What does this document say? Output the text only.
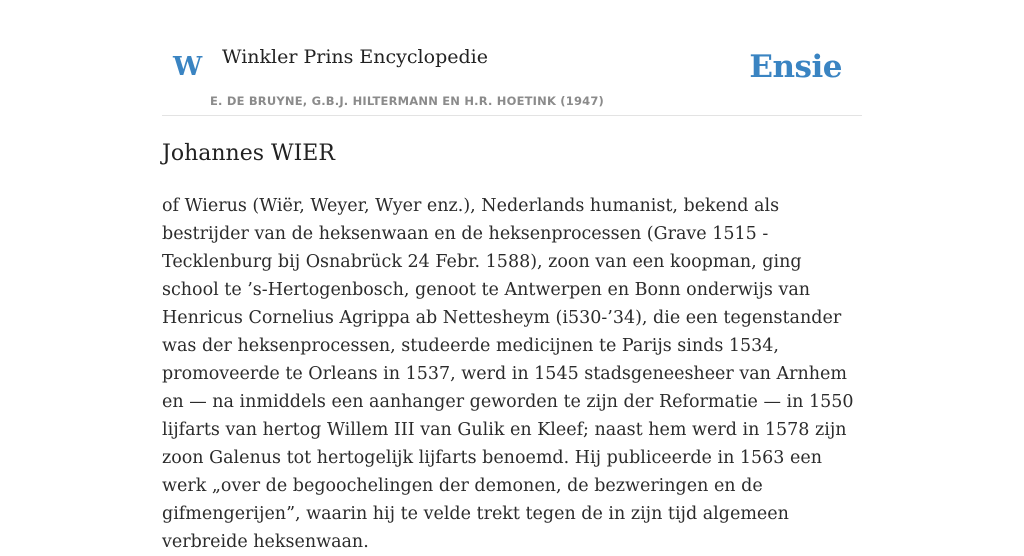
W Winkler Prins Encyclopedie
E. DE BRUYNE, G.B.J. HILTERMANN EN H.R. HOETINK (1947)
Ensie
Johannes WIER

of Wierus (Wiër, Weyer, Wyer enz.), Nederlands humanist, bekend als bestrijder van de heksenwaan en de heksenprocessen (Grave 1515 - Tecklenburg bij Osnabrück 24 Febr. 1588), zoon van een koopman, ging school te ’s-Hertogenbosch, genoot te Antwerpen en Bonn onderwijs van Henricus Cornelius Agrippa ab Nettesheym (i530-’34), die een tegenstander was der heksenprocessen, studeerde medicijnen te Parijs sinds 1534, promoveerde te Orleans in 1537, werd in 1545 stadsgeneesheer van Arnhem en — na inmiddels een aanhanger geworden te zijn der Reformatie — in 1550 lijfarts van hertog Willem III van Gulik en Kleef; naast hem werd in 1578 zijn zoon Galenus tot hertogelijk lijfarts benoemd. Hij publiceerde in 1563 een werk „over de begoochelingen der demonen, de bezweringen en de gifmengerijen”, waarin hij te velde trekt tegen de in zijn tijd algemeen verbreide heksenwaan.
